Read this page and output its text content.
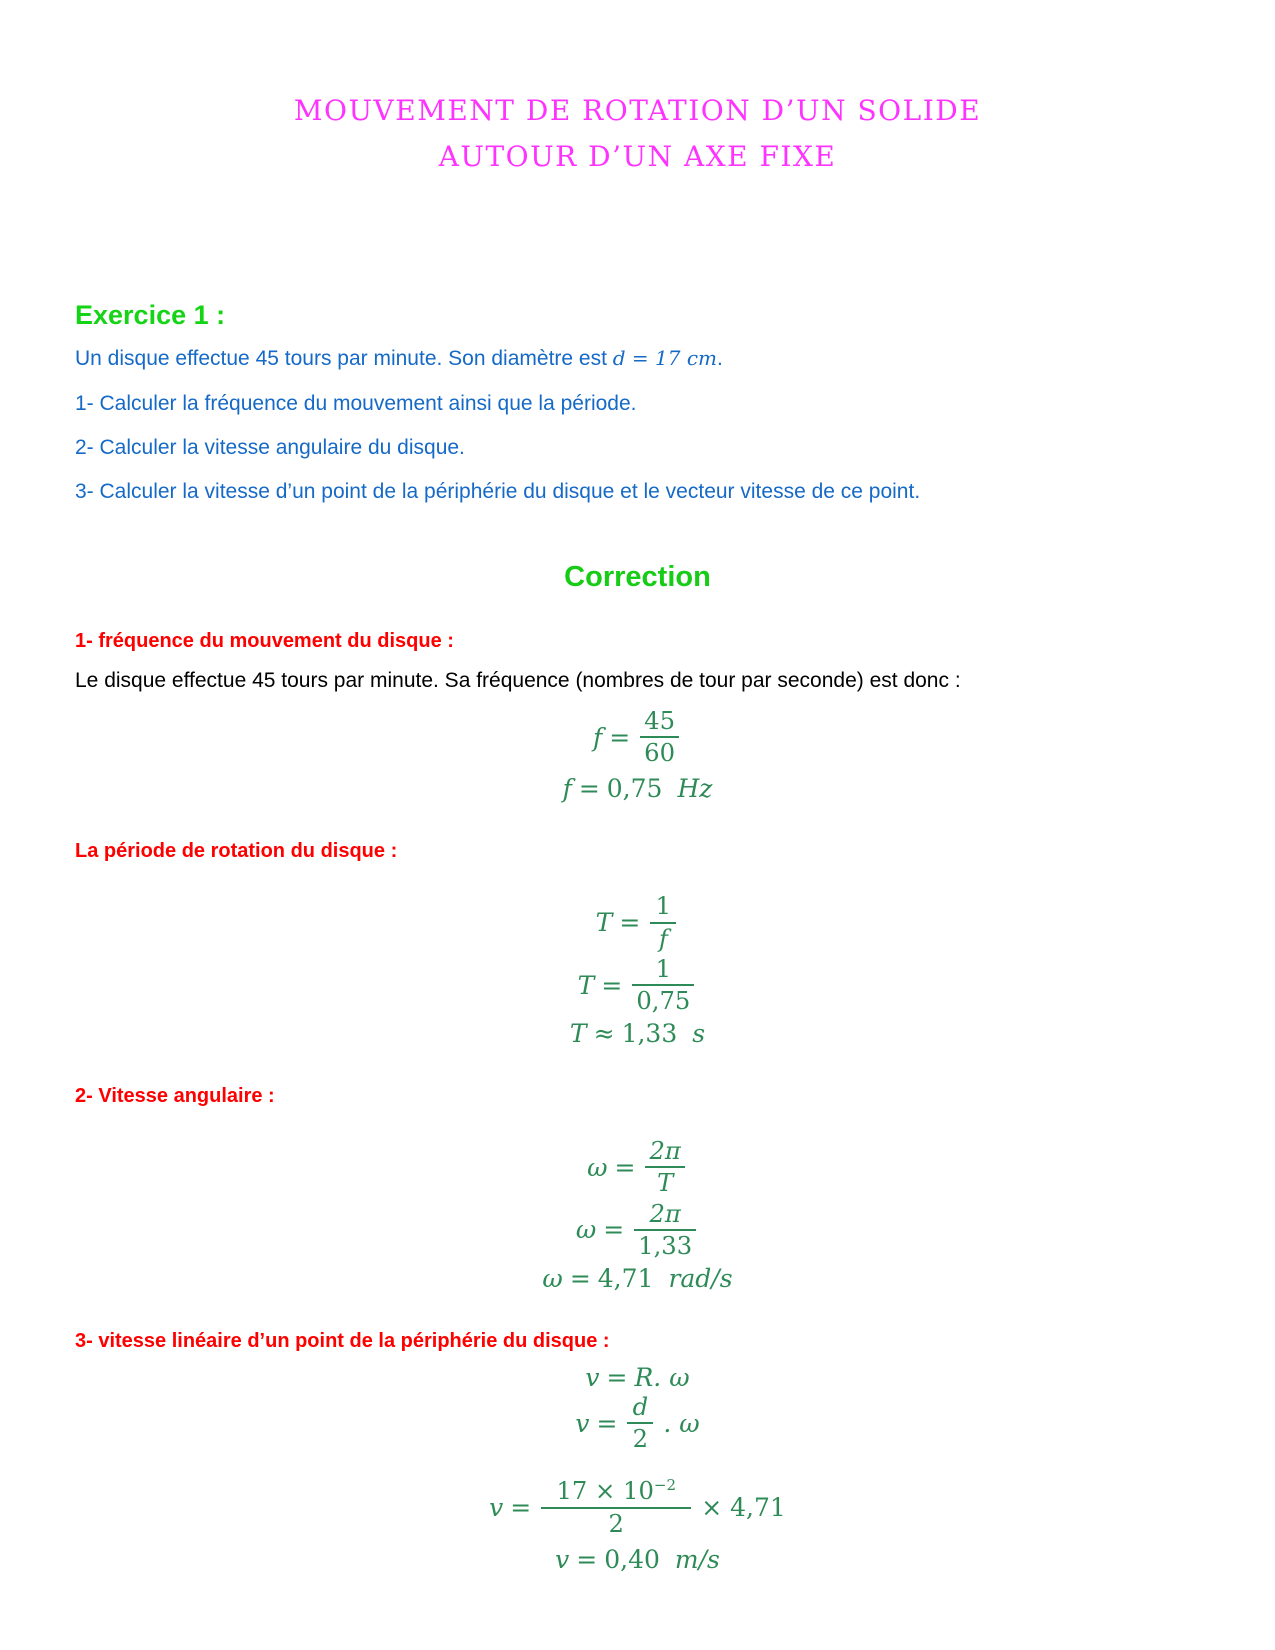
MOUVEMENT DE ROTATION D’UN SOLIDE
AUTOUR D’UN AXE FIXE
Exercice 1 :

Un disque effectue 45 tours par minute. Son diamètre est d = 17 cm.

1- Calculer la fréquence du mouvement ainsi que la période.

2- Calculer la vitesse angulaire du disque.

3- Calculer la vitesse d’un point de la périphérie du disque et le vecteur vitesse de ce point.

Correction
1- fréquence du mouvement du disque :

Le disque effectue 45 tours par minute. Sa fréquence (nombres de tour par seconde) est donc :

$f = \frac{45}{60}$
f = 0,75 Hz
La période de rotation du disque :
$T = \frac{1}{f}$
$T = \frac{1}{0,75}$
T ≈ 1,33 s
2- Vitesse angulaire :
$\omega = \frac{2\pi}{T}$
$\omega = \frac{2\pi}{1,33}$
ω = 4,71 rad/s
3- vitesse linéaire d’un point de la périphérie du disque :
v = R. ω
$v = \frac{d}{2}$ . ω
$v = \frac{17 \times 10^{-2}}{2} \times 4,71$
v = 0,40 m/s
